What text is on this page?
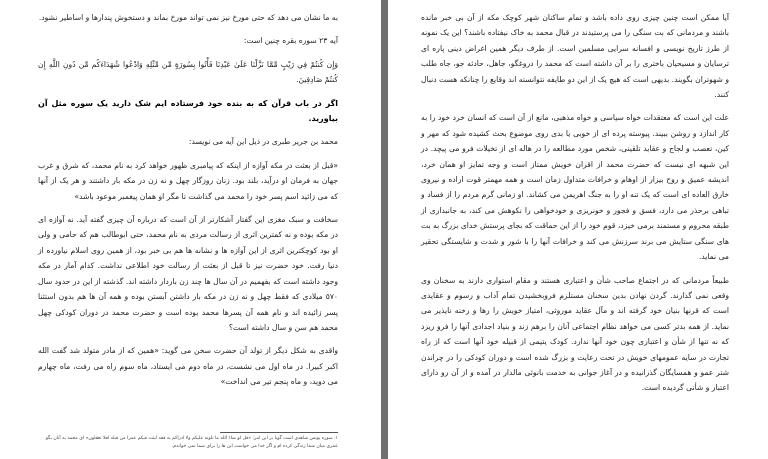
به ما نشان می دهد که حتی مورخ نیز نمی تواند مورخ بماند و دستخوش پندارها و اساطیر نشود.

آیه ٢٣ سوره بقره چنین است:

وَإِن كُنتُمْ فِي رَيْبٍ مِّمَّا نَزَّلْنَا عَلَىٰ عَبْدِنَا فَأْتُوا بِسُورَةٍ مِّن مِّثْلِهِ وَادْعُوا شُهَدَاءَكُم مِّن دُونِ اللَّهِ إِن كُنتُمْ صَادِقِينَ.

اگر در باب قرآن که به بنده خود فرستاده ایم شک دارید یک سوره مثل آن بیاورید.

محمد بن جریر طبری در ذیل این آیه می نویسد:

«قبل از بعثت در مکه آوازه از اینکه که پیامبری ظهور خواهد کرد به نام محمد، که شرق و غرب جهان به فرمان او درآید، بلند بود. زنان روزگار چهل و نه زن در مکه بار داشتند و هر یک از آنها که می زائید اسم پسر خود را محمد می گذاشت تا مگر او همان پیغمبر موعود باشد»

سخافت و سبک مغزی این گفتار آشکارتر از آن است که درباره آن چیزی گفته آید. نه آوازه ای در مکه بوده و نه کمترین اثری از رسالت مردی به نام محمد، حتی ابوطالب هم که حامی و ولی او بود کوچکترین اثری از این آوازه ها و نشانه ها هم بی خبر بود، از همین روی اسلام نیاورده از دنیا رفت. خود حضرت نیز تا قبل از بعثت از رسالت خود اطلاعی نداشت. کدام آمار در مکه وجود داشته است که بفهمیم در آن سال ها چند زن باردار داشته اند. گذشته از این در حدود سال ٥٧٠ میلادی که فقط چهل و نه زن در مکه بار داشتن آبستن بوده و همه آن ها هم بدون استثنا پسر زائیده اند و نام همه آن پسرها محمد بوده است و حضرت محمد در دوران کودکی چهل محمد هم سن و سال داشته است؟

واقدی به شکل دیگر از تولد آن حضرت سخن می گوید: «همین که از مادر متولد شد گفت الله اکبر کبیرا. در ماه اول می نشست، در ماه دوم می ایستاد، ماه سوم راه می رفت، ماه چهارم می دوید، و ماه پنجم تیر می انداخت»

١. سوره یونس شاهدی است گویا بر این امر: «قل لو شاء الله ما تلوته علیکم ولا ادراکم به فقد لبثت فیکم عمرا من قبله افلا تعقلون» ای محمد به آنان بگو
عمری میان شما زندگی کرده ام و اگر خدا می خواست این ها را برای شما نمی خواندم.

آیا ممکن است چنین چیزی روی داده باشد و تمام ساکنان شهر کوچک مکه از آن بی خبر مانده باشند و مردمانی که بت سنگی را می پرستیدند در قبال محمد به خاک نیفتاده باشند؟ این یک نمونه از طرز تاریخ نویسی و افسانه سرایی مسلمین است. از طرف دیگر همین اغراض دینی پاره ای ترسایان و مسیحیان باختری را بر آن داشته است که محمد را دروغگو، جاهل، حادثه جو، جاه طلب و شهوتران بگویند. بدیهی است که هیچ یک از این دو طایفه نتوانسته اند وقایع را چنانکه هست دنبال کنند.

علت این است که معتقدات خواه سیاسی و خواه مذهبی، مانع از آن است که انسان خرد خود را به کار اندازد و روشن ببیند. پیوسته پرده ای از خوبی یا بدی روی موضوع بحث کشیده شود که مهر و کین، تعصب و لجاج و عقاید تلقینی، شخص مورد مطالعه را در هاله ای از تخیلات فرو می پیچد. در این شبهه ای نیست که حضرت محمد از اقران خویش ممتاز است و وجه تمایز او همان خرد، اندیشه عمیق و روح بیزار از اوهام و خرافات متداول زمان است و همه مهمتر قوت اراده و نیروی خارق العاده ای است که یک تنه او را به جنگ اهریمن می کشاند. او زمانی گرم مردم را از فساد و تباهی برحذر می دارد، فسق و فجور و خونریزی و خودخواهی را نکوهش می کند، به جانبداری از طبقه محروم و مستمند برمی خیزد، قوم خود را از این حماقت که بجای پرستش خدای بزرگ به بت های سنگی ستایش می برند سرزنش می کند و خرافات آنها را با شور و شدت و شایستگی تحقیر می نماید.

طبیعاً مردمانی که در اجتماع صاحب شأن و اعتباری هستند و مقام استواری دارند به سخنان وی وقعی نمی گذارند. گردن نهادن بدین سخنان مستلزم فروبخشیدن تمام آداب و رسوم و عقایدی است که قرنها بنیان خود گرفته اند و مآل عقاید موروثی، امتیاز خویش را رها و رخنه نایذیر می نماید. از همه بدتر کسی می خواهد نظام اجتماعی آنان را برهم زند و بنیاد اجدادی آنها را فرو ریزد که نه تنها از شأن و اعتباری چون خود آنها ندارد. کودک یتیمی از قبیله خود آنها است که از راه تجارت در سایه عمومهای خویش در تحت رعایت و بزرگ شده است و دوران کودکی را در چراندن شتر عمو و همسایگان گذرانیده و در آغاز جوانی به خدمت بانوئی مالدار در آمده و از آن رو دارای اعتبار و شأنی گردیده است.
